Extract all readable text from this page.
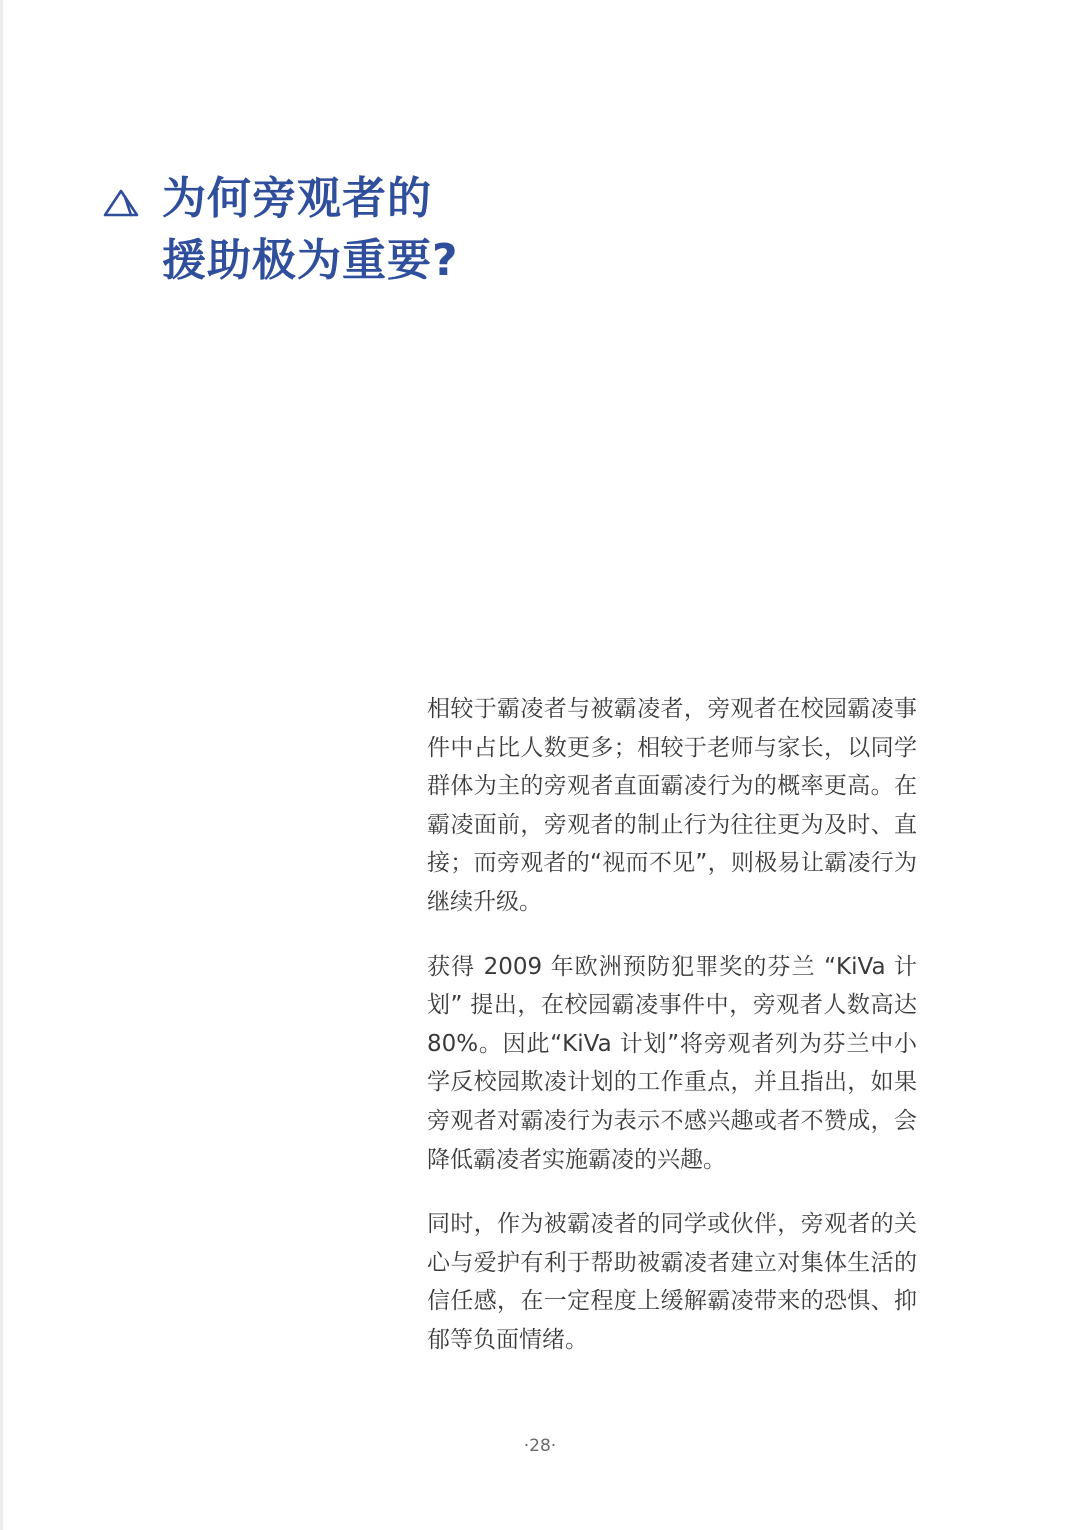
为何旁观者的
援助极为重要?

相较于霸凌者与被霸凌者，旁观者在校园霸凌事件中占比人数更多；相较于老师与家长，以同学群体为主的旁观者直面霸凌行为的概率更高。在霸凌面前，旁观者的制止行为往往更为及时、直接；而旁观者的“视而不见”，则极易让霸凌行为继续升级。

获得 2009 年欧洲预防犯罪奖的芬兰 “KiVa 计划” 提出，在校园霸凌事件中，旁观者人数高达 80%。因此“KiVa 计划”将旁观者列为芬兰中小学反校园欺凌计划的工作重点，并且指出，如果旁观者对霸凌行为表示不感兴趣或者不赞成，会降低霸凌者实施霸凌的兴趣。

同时，作为被霸凌者的同学或伙伴，旁观者的关心与爱护有利于帮助被霸凌者建立对集体生活的信任感，在一定程度上缓解霸凌带来的恐惧、抑郁等负面情绪。

·28·
